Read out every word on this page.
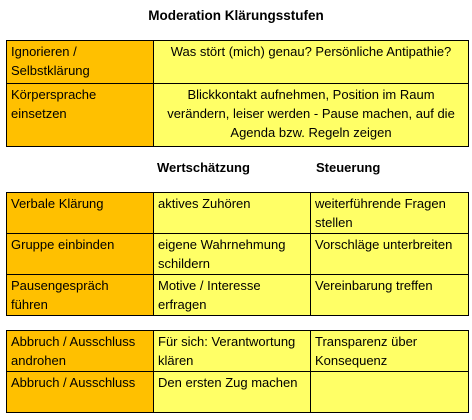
Moderation Klärungsstufen
Ignorieren / Selbstklärung	Was stört (mich) genau? Persönliche Antipathie?
Körpersprache einsetzen	Blickkontakt aufnehmen, Position im Raum verändern, leiser werden - Pause machen, auf die Agenda bzw. Regeln zeigen
Wertschätzung	Steuerung
Verbale Klärung	aktives Zuhören	weiterführende Fragen stellen
Gruppe einbinden	eigene Wahrnehmung schildern	Vorschläge unterbreiten
Pausengespräch führen	Motive / Interesse erfragen	Vereinbarung treffen
Abbruch / Ausschluss androhen	Für sich: Verantwortung klären	Transparenz über Konsequenz
Abbruch / Ausschluss	Den ersten Zug machen	
